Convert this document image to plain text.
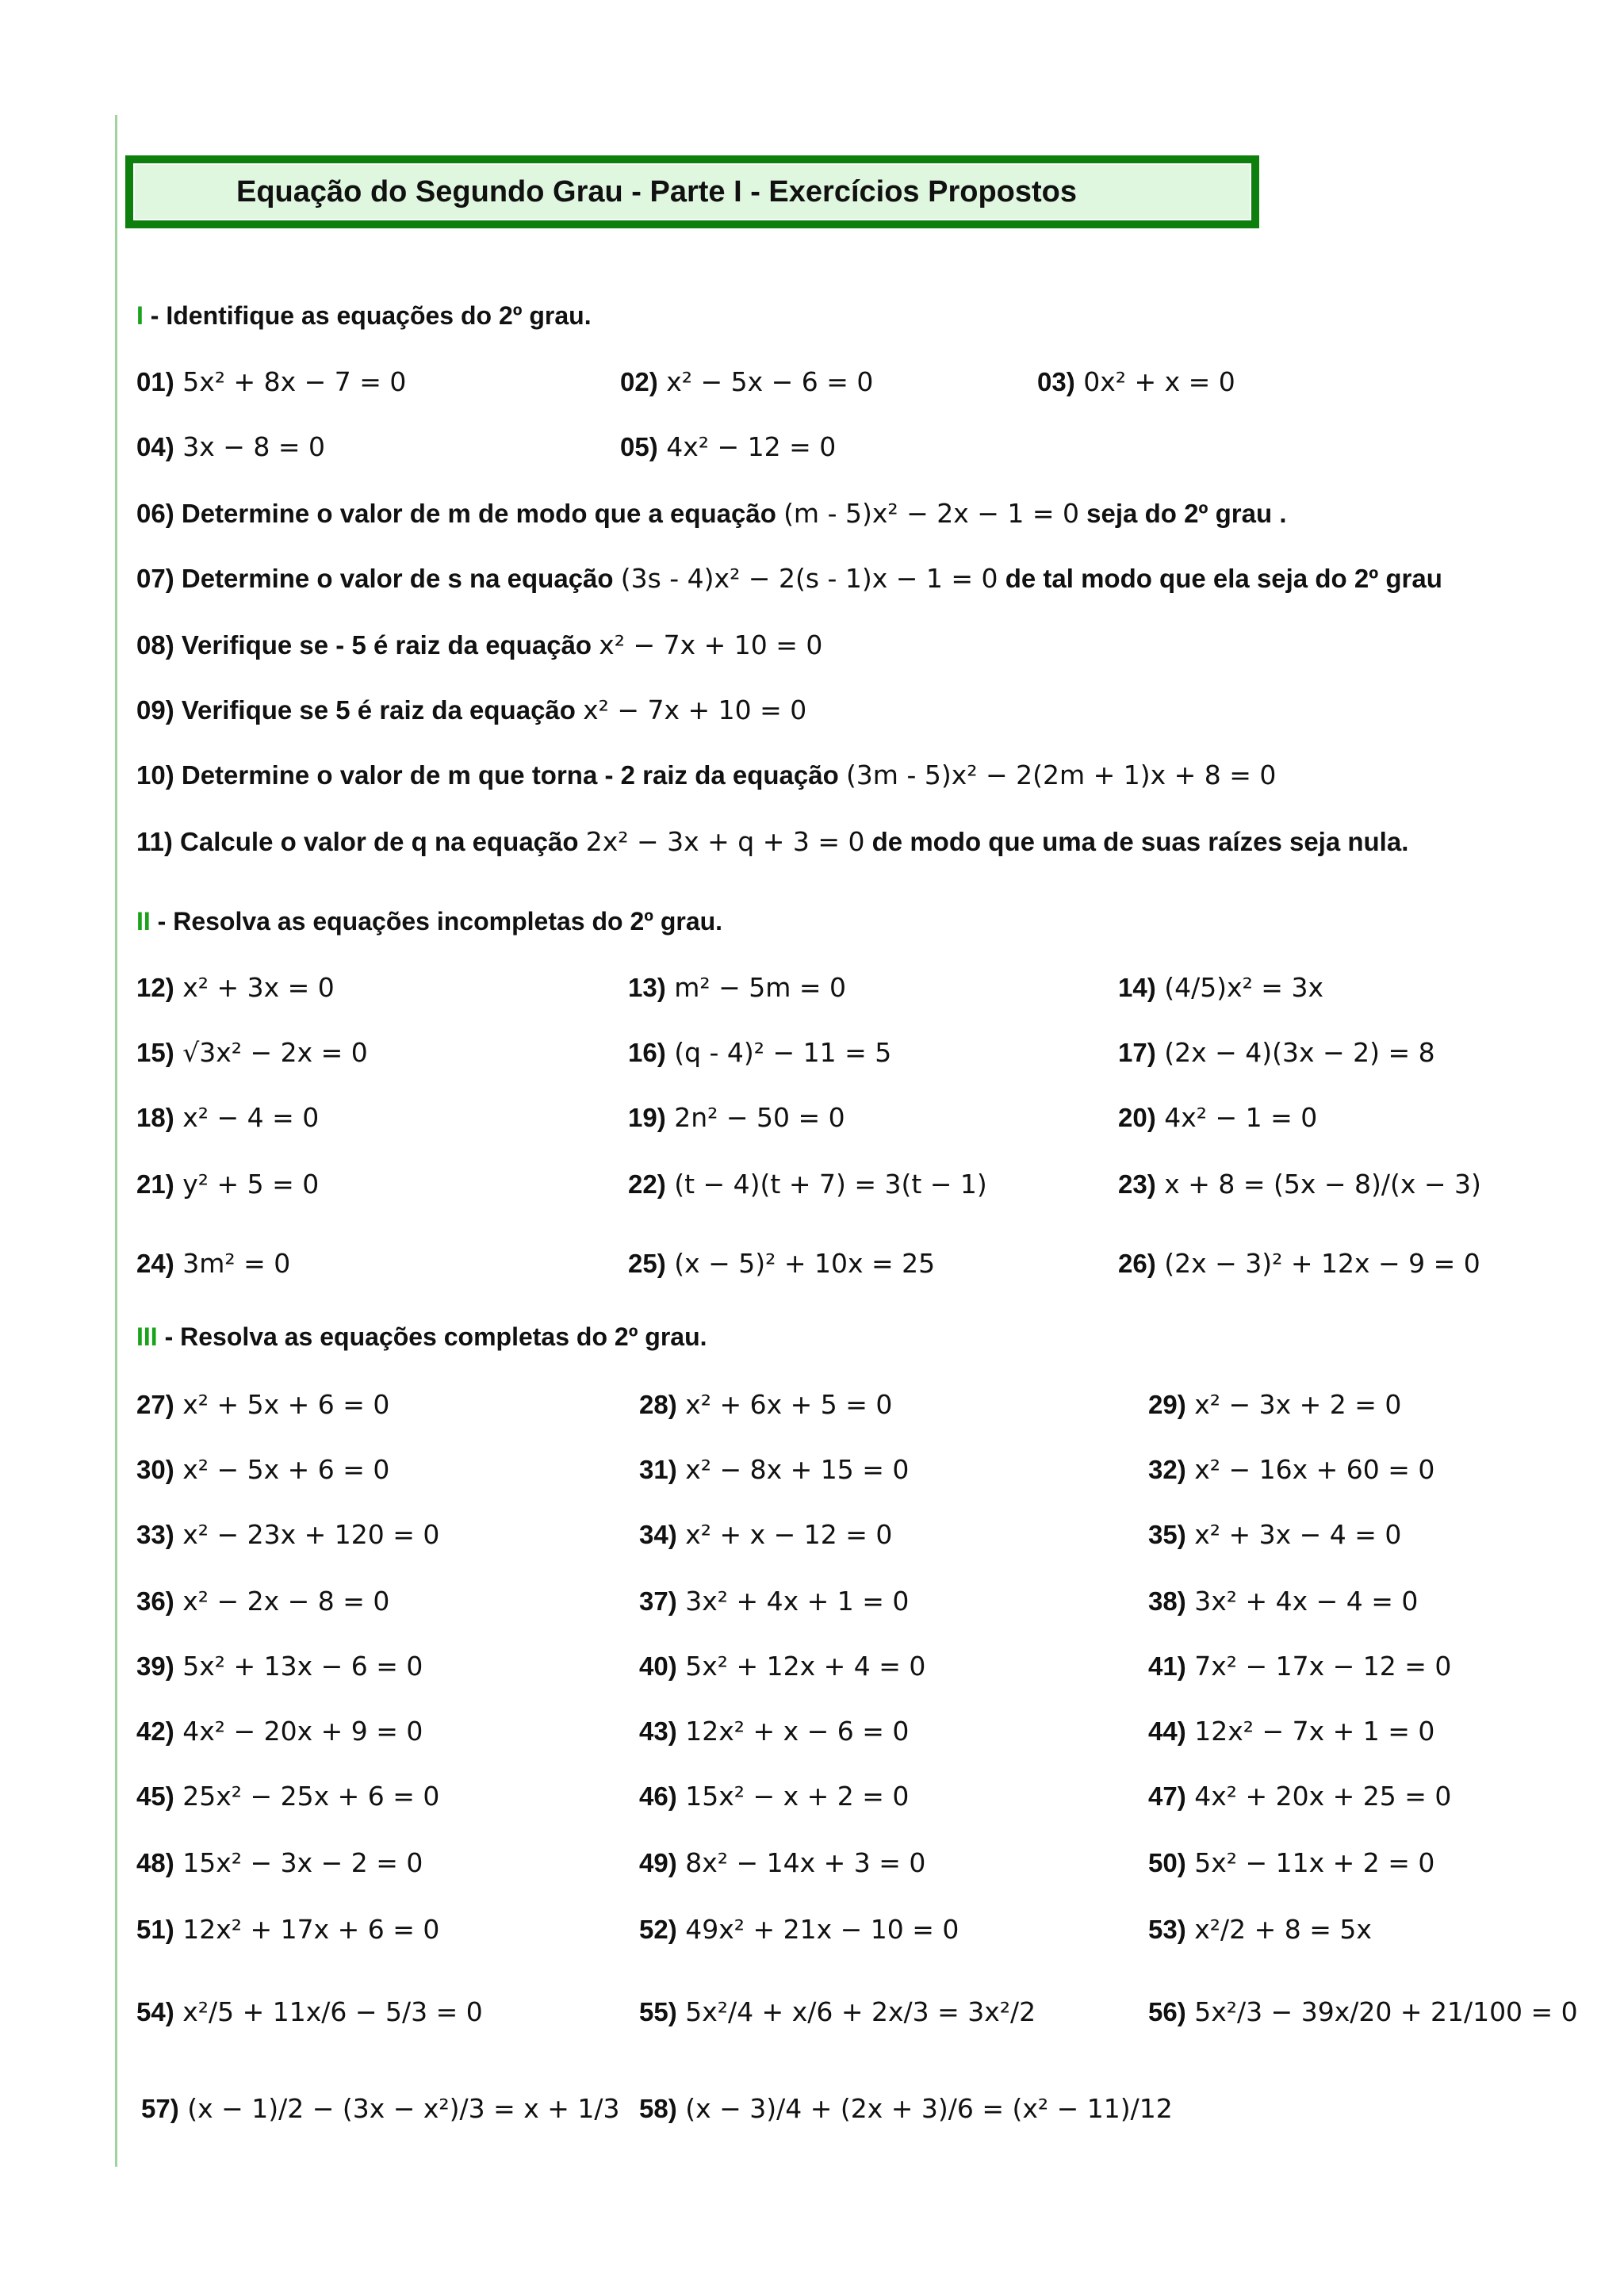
Equação do Segundo Grau - Parte I - Exercícios Propostos
I - Identifique as equações do 2º grau.
01) 5x² + 8x − 7 = 0	02) x² − 5x − 6 = 0	03) 0x² + x = 0
04) 3x − 8 = 0	05) 4x² − 12 = 0
06) Determine o valor de m de modo que a equação (m - 5)x² − 2x − 1 = 0 seja do 2º grau .
07) Determine o valor de s na equação (3s - 4)x² − 2(s - 1)x − 1 = 0 de tal modo que ela seja do 2º grau
08) Verifique se - 5 é raiz da equação x² − 7x + 10 = 0
09) Verifique se 5 é raiz da equação x² − 7x + 10 = 0
10) Determine o valor de m que torna - 2 raiz da equação (3m - 5)x² − 2(2m + 1)x + 8 = 0
11) Calcule o valor de q na equação 2x² − 3x + q + 3 = 0 de modo que uma de suas raízes seja nula.
II - Resolva as equações incompletas do 2º grau.
12) x² + 3x = 0	13) m² − 5m = 0	14) (4/5)x² = 3x
15) √3x² − 2x = 0	16) (q - 4)² − 11 = 5	17) (2x − 4)(3x − 2) = 8
18) x² − 4 = 0	19) 2n² − 50 = 0	20) 4x² − 1 = 0
21) y² + 5 = 0	22) (t − 4)(t + 7) = 3(t − 1)	23) x + 8 = (5x − 8)/(x − 3)
24) 3m² = 0	25) (x − 5)² + 10x = 25	26) (2x − 3)² + 12x − 9 = 0
III - Resolva as equações completas do 2º grau.
27) x² + 5x + 6 = 0	28) x² + 6x + 5 = 0	29) x² − 3x + 2 = 0
30) x² − 5x + 6 = 0	31) x² − 8x + 15 = 0	32) x² − 16x + 60 = 0
33) x² − 23x + 120 = 0	34) x² + x − 12 = 0	35) x² + 3x − 4 = 0
36) x² − 2x − 8 = 0	37) 3x² + 4x + 1 = 0	38) 3x² + 4x − 4 = 0
39) 5x² + 13x − 6 = 0	40) 5x² + 12x + 4 = 0	41) 7x² − 17x − 12 = 0
42) 4x² − 20x + 9 = 0	43) 12x² + x − 6 = 0	44) 12x² − 7x + 1 = 0
45) 25x² − 25x + 6 = 0	46) 15x² − x + 2 = 0	47) 4x² + 20x + 25 = 0
48) 15x² − 3x − 2 = 0	49) 8x² − 14x + 3 = 0	50) 5x² − 11x + 2 = 0
51) 12x² + 17x + 6 = 0	52) 49x² + 21x − 10 = 0	53) x²/2 + 8 = 5x
54) x²/5 + 11x/6 − 5/3 = 0	55) 5x²/4 + x/6 + 2x/3 = 3x²/2	56) 5x²/3 − 39x/20 + 21/100 = 0
57) (x − 1)/2 − (3x − x²)/3 = x + 1/3 58) (x − 3)/4 + (2x + 3)/6 = (x² − 11)/12
